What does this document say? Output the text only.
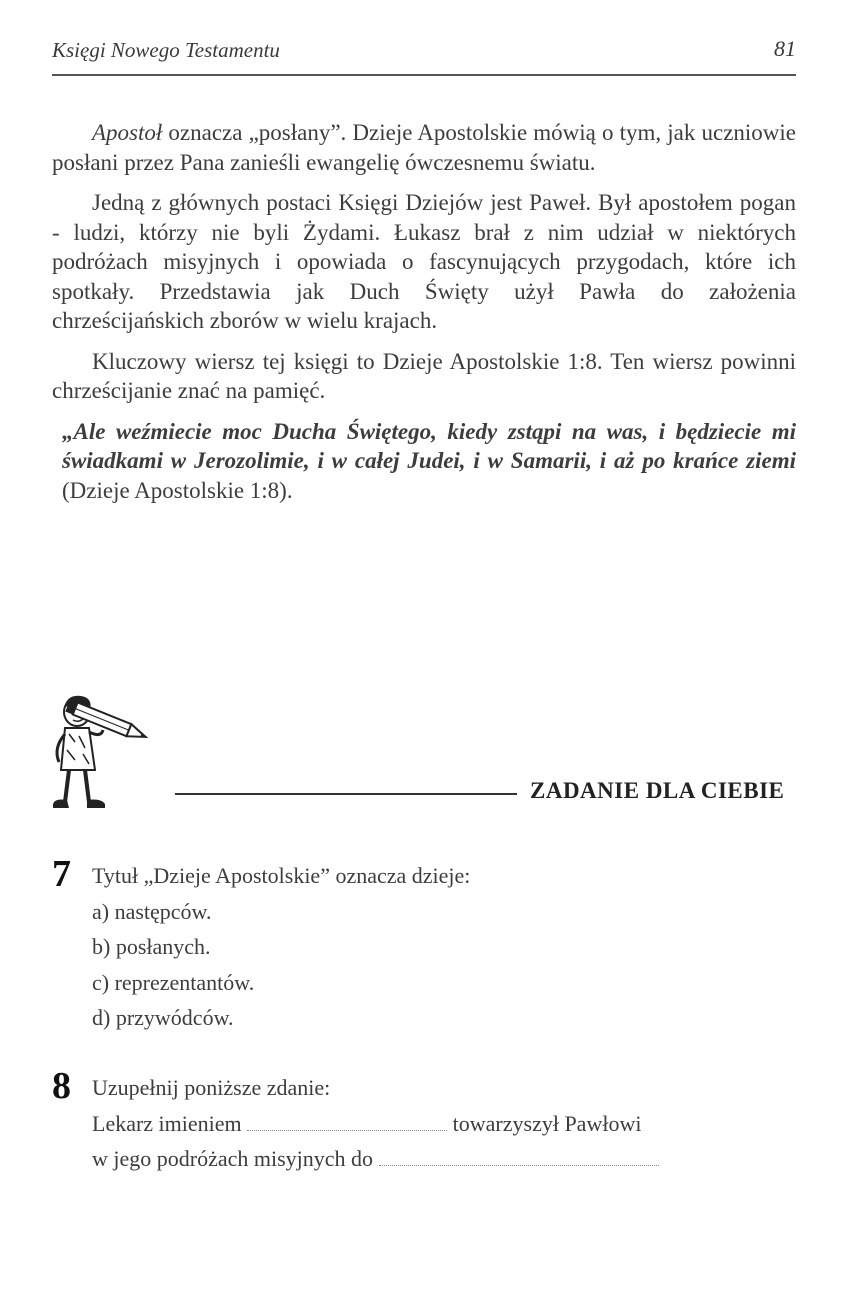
Księgi Nowego Testamentu	81

Apostoł oznacza „posłany”. Dzieje Apostolskie mówią o tym, jak uczniowie posłani przez Pana zanieśli ewangelię ówczesnemu światu.

Jedną z głównych postaci Księgi Dziejów jest Paweł. Był apostołem pogan - ludzi, którzy nie byli Żydami. Łukasz brał z nim udział w niektórych podróżach misyjnych i opowiada o fascynujących przygodach, które ich spotkały. Przedstawia jak Duch Święty użył Pawła do założenia chrześcijańskich zborów w wielu krajach.

Kluczowy wiersz tej księgi to Dzieje Apostolskie 1:8. Ten wiersz powinni chrześcijanie znać na pamięć.

„Ale weźmiecie moc Ducha Świętego, kiedy zstąpi na was, i będziecie mi świadkami w Jerozolimie, i w całej Judei, i w Samarii, i aż po krańce ziemi (Dzieje Apostolskie 1:8).

ZADANIE DLA CIEBIE
7 Tytuł „Dzieje Apostolskie” oznacza dzieje:
a) następców.
b) posłanych.
c) reprezentantów.
d) przywódców.
8 Uzupełnij poniższe zdanie:
Lekarz imieniem	towarzyszył Pawłowi
w jego podróżach misyjnych do
